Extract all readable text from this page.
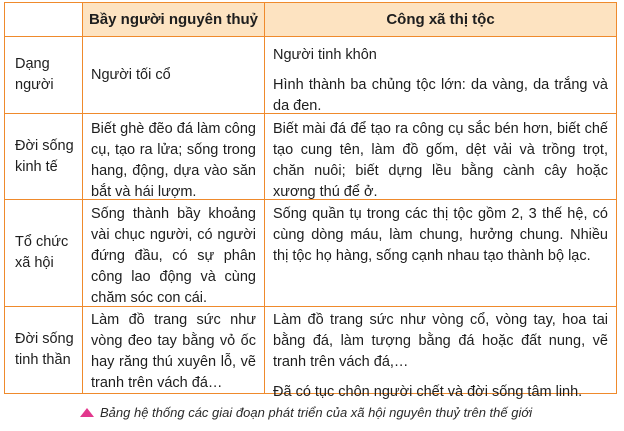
Bầy người nguyên thuỷ	Công xã thị tộc
Dạng người

Người tối cổ

Người tinh khôn

Hình thành ba chủng tộc lớn: da vàng, da trắng và da đen.

Đời sống kinh tế

Biết ghè đẽo đá làm công cụ, tạo ra lửa; sống trong hang, động, dựa vào săn bắt và hái lượm.

Biết mài đá để tạo ra công cụ sắc bén hơn, biết chế tạo cung tên, làm đồ gốm, dệt vải và trồng trọt, chăn nuôi; biết dựng lều bằng cành cây hoặc xương thú để ở.

Tổ chức xã hội

Sống thành bầy khoảng vài chục người, có người đứng đầu, có sự phân công lao động và cùng chăm sóc con cái.

Sống quần tụ trong các thị tộc gồm 2, 3 thế hệ, có cùng dòng máu, làm chung, hưởng chung. Nhiều thị tộc họ hàng, sống cạnh nhau tạo thành bộ lạc.

Đời sống tinh thần

Làm đồ trang sức như vòng đeo tay bằng vỏ ốc hay răng thú xuyên lỗ, vẽ tranh trên vách đá…

Làm đồ trang sức như vòng cổ, vòng tay, hoa tai bằng đá, làm tượng bằng đá hoặc đất nung, vẽ tranh trên vách đá,…

Đã có tục chôn người chết và đời sống tâm linh.

Bảng hệ thống các giai đoạn phát triển của xã hội nguyên thuỷ trên thế giới
